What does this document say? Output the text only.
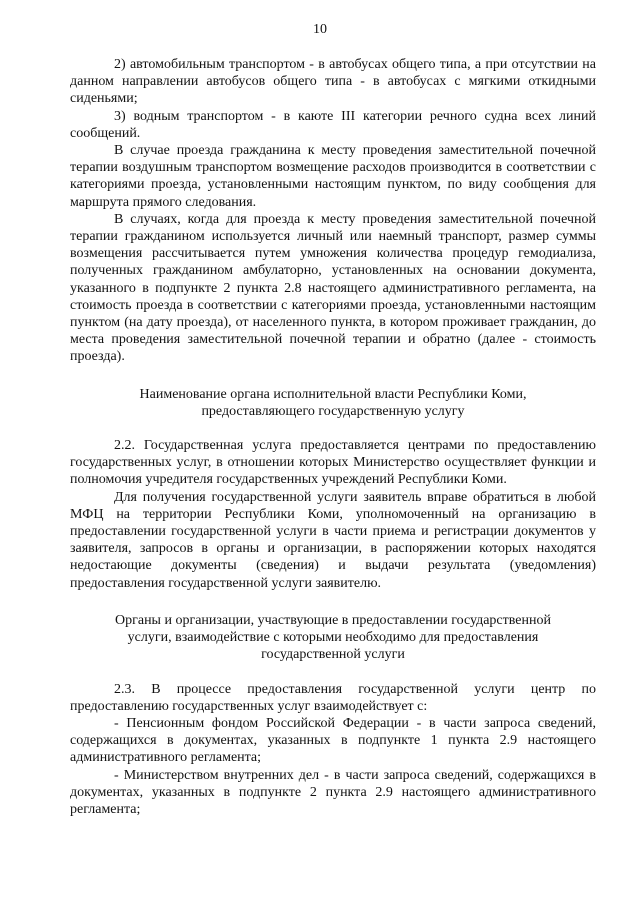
10

2) автомобильным транспортом - в автобусах общего типа, а при отсутствии на данном направлении автобусов общего типа - в автобусах с мягкими откидными сиденьями;

3) водным транспортом - в каюте III категории речного судна всех линий сообщений.

В случае проезда гражданина к месту проведения заместительной почечной терапии воздушным транспортом возмещение расходов производится в соответствии с категориями проезда, установленными настоящим пунктом, по виду сообщения для маршрута прямого следования.

В случаях, когда для проезда к месту проведения заместительной почечной терапии гражданином используется личный или наемный транспорт, размер суммы возмещения рассчитывается путем умножения количества процедур гемодиализа, полученных гражданином амбулаторно, установленных на основании документа, указанного в подпункте 2 пункта 2.8 настоящего административного регламента, на стоимость проезда в соответствии с категориями проезда, установленными настоящим пунктом (на дату проезда), от населенного пункта, в котором проживает гражданин, до места проведения заместительной почечной терапии и обратно (далее - стоимость проезда).

Наименование органа исполнительной власти Республики Коми,
предоставляющего государственную услугу

2.2. Государственная услуга предоставляется центрами по предоставлению государственных услуг, в отношении которых Министерство осуществляет функции и полномочия учредителя государственных учреждений Республики Коми.

Для получения государственной услуги заявитель вправе обратиться в любой МФЦ на территории Республики Коми, уполномоченный на организацию в предоставлении государственной услуги в части приема и регистрации документов у заявителя, запросов в органы и организации, в распоряжении которых находятся недостающие документы (сведения) и выдачи результата (уведомления) предоставления государственной услуги заявителю.

Органы и организации, участвующие в предоставлении государственной
услуги, взаимодействие с которыми необходимо для предоставления
государственной услуги

2.3. В процессе предоставления государственной услуги центр по предоставлению государственных услуг взаимодействует с:

- Пенсионным фондом Российской Федерации - в части запроса сведений, содержащихся в документах, указанных в подпункте 1 пункта 2.9 настоящего административного регламента;

- Министерством внутренних дел - в части запроса сведений, содержащихся в документах, указанных в подпункте 2 пункта 2.9 настоящего административного регламента;
